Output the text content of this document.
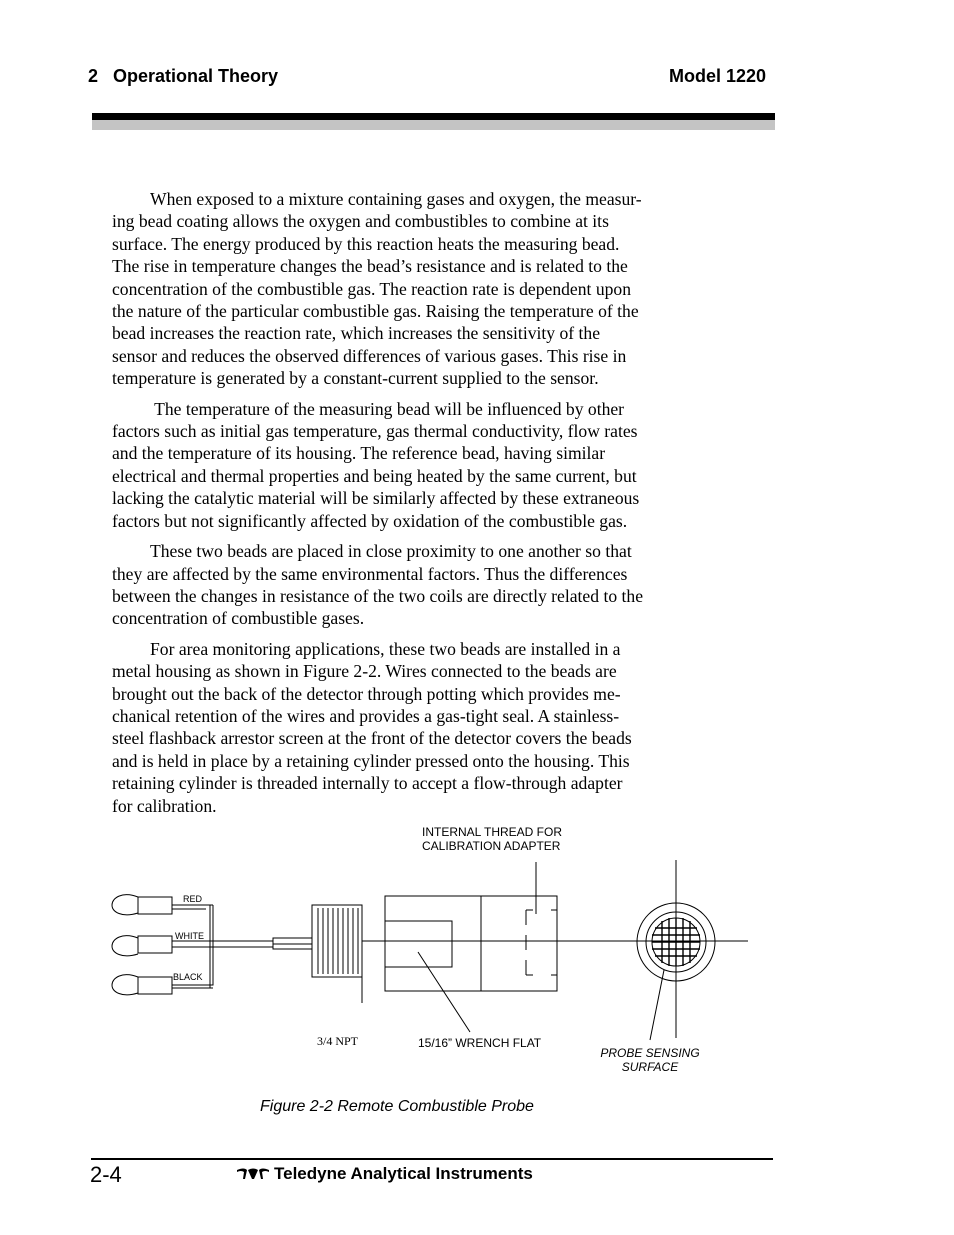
2   Operational Theory	Model 1220

When exposed to a mixture containing gases and oxygen, the measur-
ing bead coating allows the oxygen and combustibles to combine at its
surface. The energy produced by this reaction heats the measuring bead.
The rise in temperature changes the bead’s resistance and is related to the
concentration of the combustible gas. The reaction rate is dependent upon
the nature of the particular combustible gas. Raising the temperature of the
bead increases the reaction rate, which increases the sensitivity of the
sensor and reduces the observed differences of various gases. This rise in
temperature is generated by a constant-current supplied to the sensor.

The temperature of the measuring bead will be influenced by other
factors such as initial gas temperature, gas thermal conductivity, flow rates
and the temperature of its housing. The reference bead, having similar
electrical and thermal properties and being heated by the same current, but
lacking the catalytic material will be similarly affected by these extraneous
factors but not significantly affected by oxidation of the combustible gas.

These two beads are placed in close proximity to one another so that
they are affected by the same environmental factors. Thus the differences
between the changes in resistance of the two coils are directly related to the
concentration of combustible gases.

For area monitoring applications, these two beads are installed in a
metal housing as shown in Figure 2-2. Wires connected to the beads are
brought out the back of the detector through potting which provides me-
chanical retention of the wires and provides a gas-tight seal. A stainless-
steel flashback arrestor screen at the front of the detector covers the beads
and is held in place by a retaining cylinder pressed onto the housing. This
retaining cylinder is threaded internally to accept a flow-through adapter
for calibration.

INTERNAL THREAD FOR
CALIBRATION ADAPTER
RED
WHITE
BLACK
3/4 NPT	15/16” WRENCH FLAT
PROBE SENSING
SURFACE
Figure 2-2 Remote Combustible Probe
2-4	Teledyne Analytical Instruments
